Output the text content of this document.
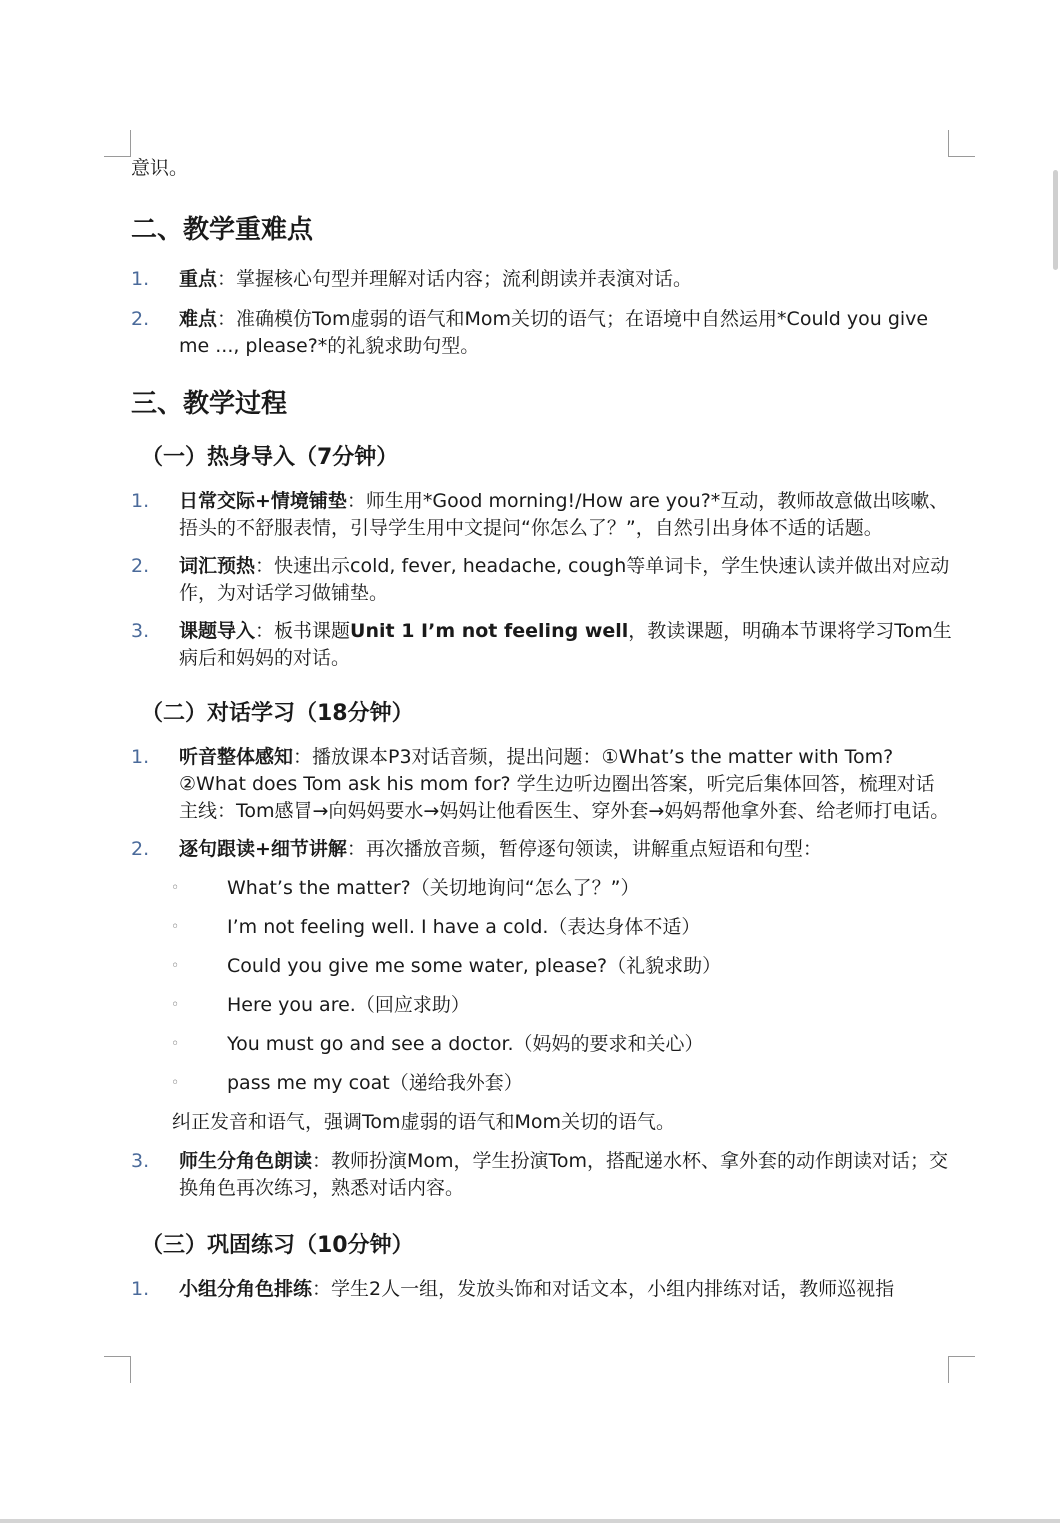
意识。

二、教学重难点

1. 重点：掌握核心句型并理解对话内容；流利朗读并表演对话。

2.	难点：准确模仿Tom虚弱的语气和Mom关切的语气；在语境中自然运用*Could you give me ..., please?*的礼貌求助句型。

三、教学过程
（一）热身导入（7分钟）

1.	日常交际+情境铺垫：师生用*Good morning!/How are you?*互动，教师故意做出咳嗽、捂头的不舒服表情，引导学生用中文提问“你怎么了？”，自然引出身体不适的话题。

2.	词汇预热：快速出示cold, fever, headache, cough等单词卡，学生快速认读并做出对应动作，为对话学习做铺垫。

3.	课题导入：板书课题Unit 1 I’m not feeling well，教读课题，明确本节课将学习Tom生病后和妈妈的对话。

（二）对话学习（18分钟）

1.	听音整体感知：播放课本P3对话音频，提出问题：①What’s the matter with Tom? ②What does Tom ask his mom for? 学生边听边圈出答案，听完后集体回答，梳理对话主线：Tom感冒→向妈妈要水→妈妈让他看医生、穿外套→妈妈帮他拿外套、给老师打电话。

2.	逐句跟读+细节讲解：再次播放音频，暂停逐句领读，讲解重点短语和句型：

◦	What’s the matter?（关切地询问“怎么了？”）

◦	I’m not feeling well. I have a cold.（表达身体不适）

◦	Could you give me some water, please?（礼貌求助）

◦	Here you are.（回应求助）

◦	You must go and see a doctor.（妈妈的要求和关心）

◦	pass me my coat（递给我外套）

纠正发音和语气，强调Tom虚弱的语气和Mom关切的语气。

3.	师生分角色朗读：教师扮演Mom，学生扮演Tom，搭配递水杯、拿外套的动作朗读对话；交换角色再次练习，熟悉对话内容。

（三）巩固练习（10分钟）

1.	小组分角色排练：学生2人一组，发放头饰和对话文本，小组内排练对话，教师巡视指
